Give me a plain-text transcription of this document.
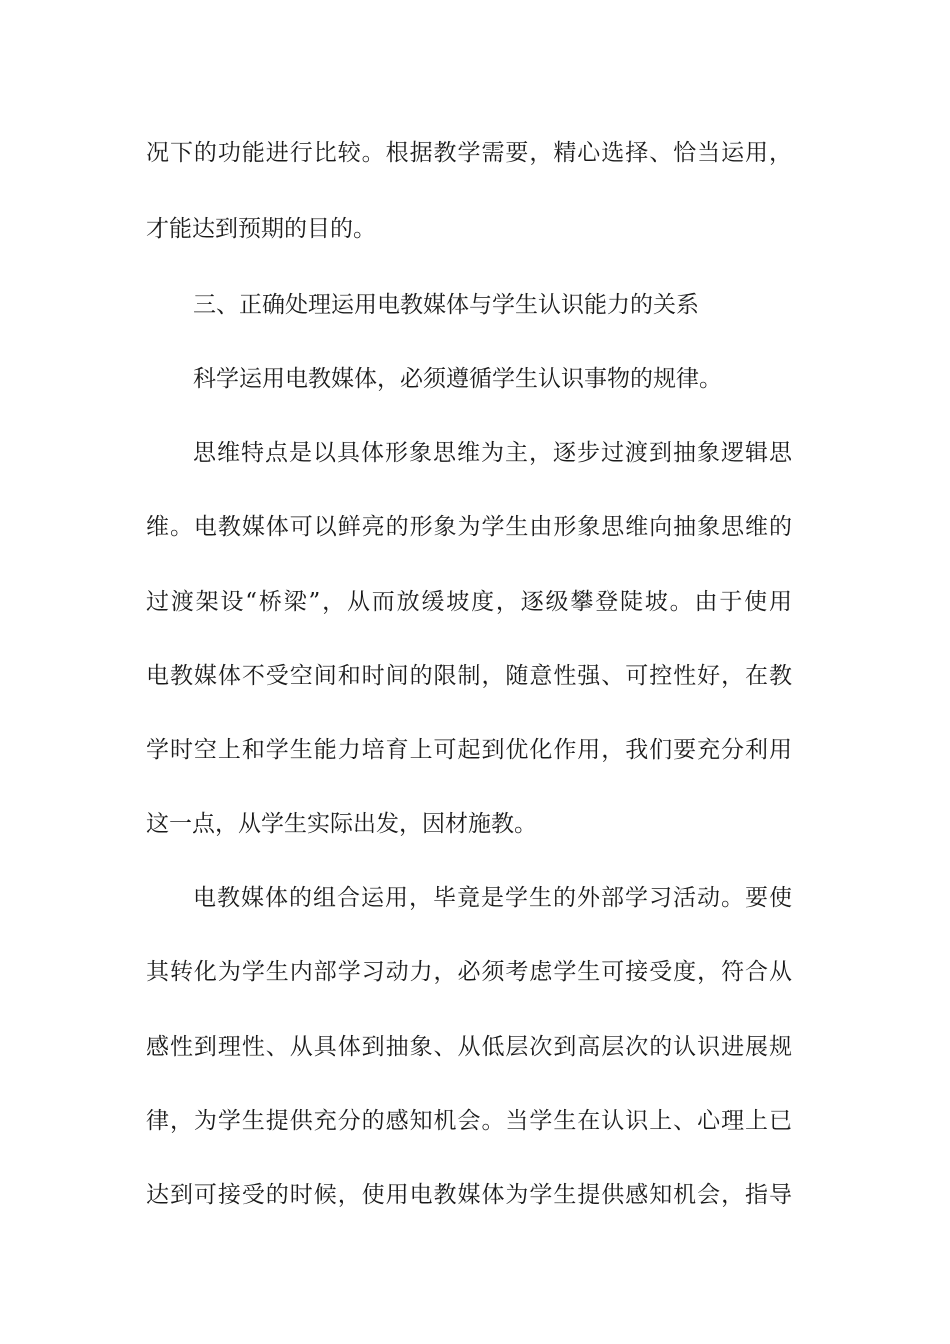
况下的功能进行比较。根据教学需要，精心选择、恰当运用，
才能达到预期的目的。
三、正确处理运用电教媒体与学生认识能力的关系
科学运用电教媒体，必须遵循学生认识事物的规律。
思维特点是以具体形象思维为主，逐步过渡到抽象逻辑思
维。电教媒体可以鲜亮的形象为学生由形象思维向抽象思维的
过渡架设“桥梁”，从而放缓坡度，逐级攀登陡坡。由于使用
电教媒体不受空间和时间的限制，随意性强、可控性好，在教
学时空上和学生能力培育上可起到优化作用，我们要充分利用
这一点，从学生实际出发，因材施教。
电教媒体的组合运用，毕竟是学生的外部学习活动。要使
其转化为学生内部学习动力，必须考虑学生可接受度，符合从
感性到理性、从具体到抽象、从低层次到高层次的认识进展规
律，为学生提供充分的感知机会。当学生在认识上、心理上已
达到可接受的时候，使用电教媒体为学生提供感知机会，指导
